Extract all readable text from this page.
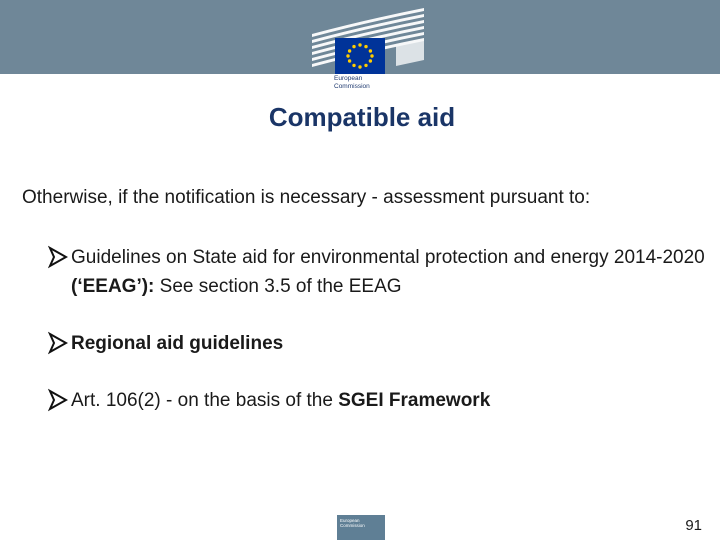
European
Commission
Compatible aid
Otherwise, if the notification is necessary - assessment pursuant to:
Guidelines on State aid for environmental protection and energy 2014-2020 (‘EEAG’): See section 3.5 of the EEAG
Regional aid guidelines
Art. 106(2) - on the basis of the SGEI Framework
European Commission	91
